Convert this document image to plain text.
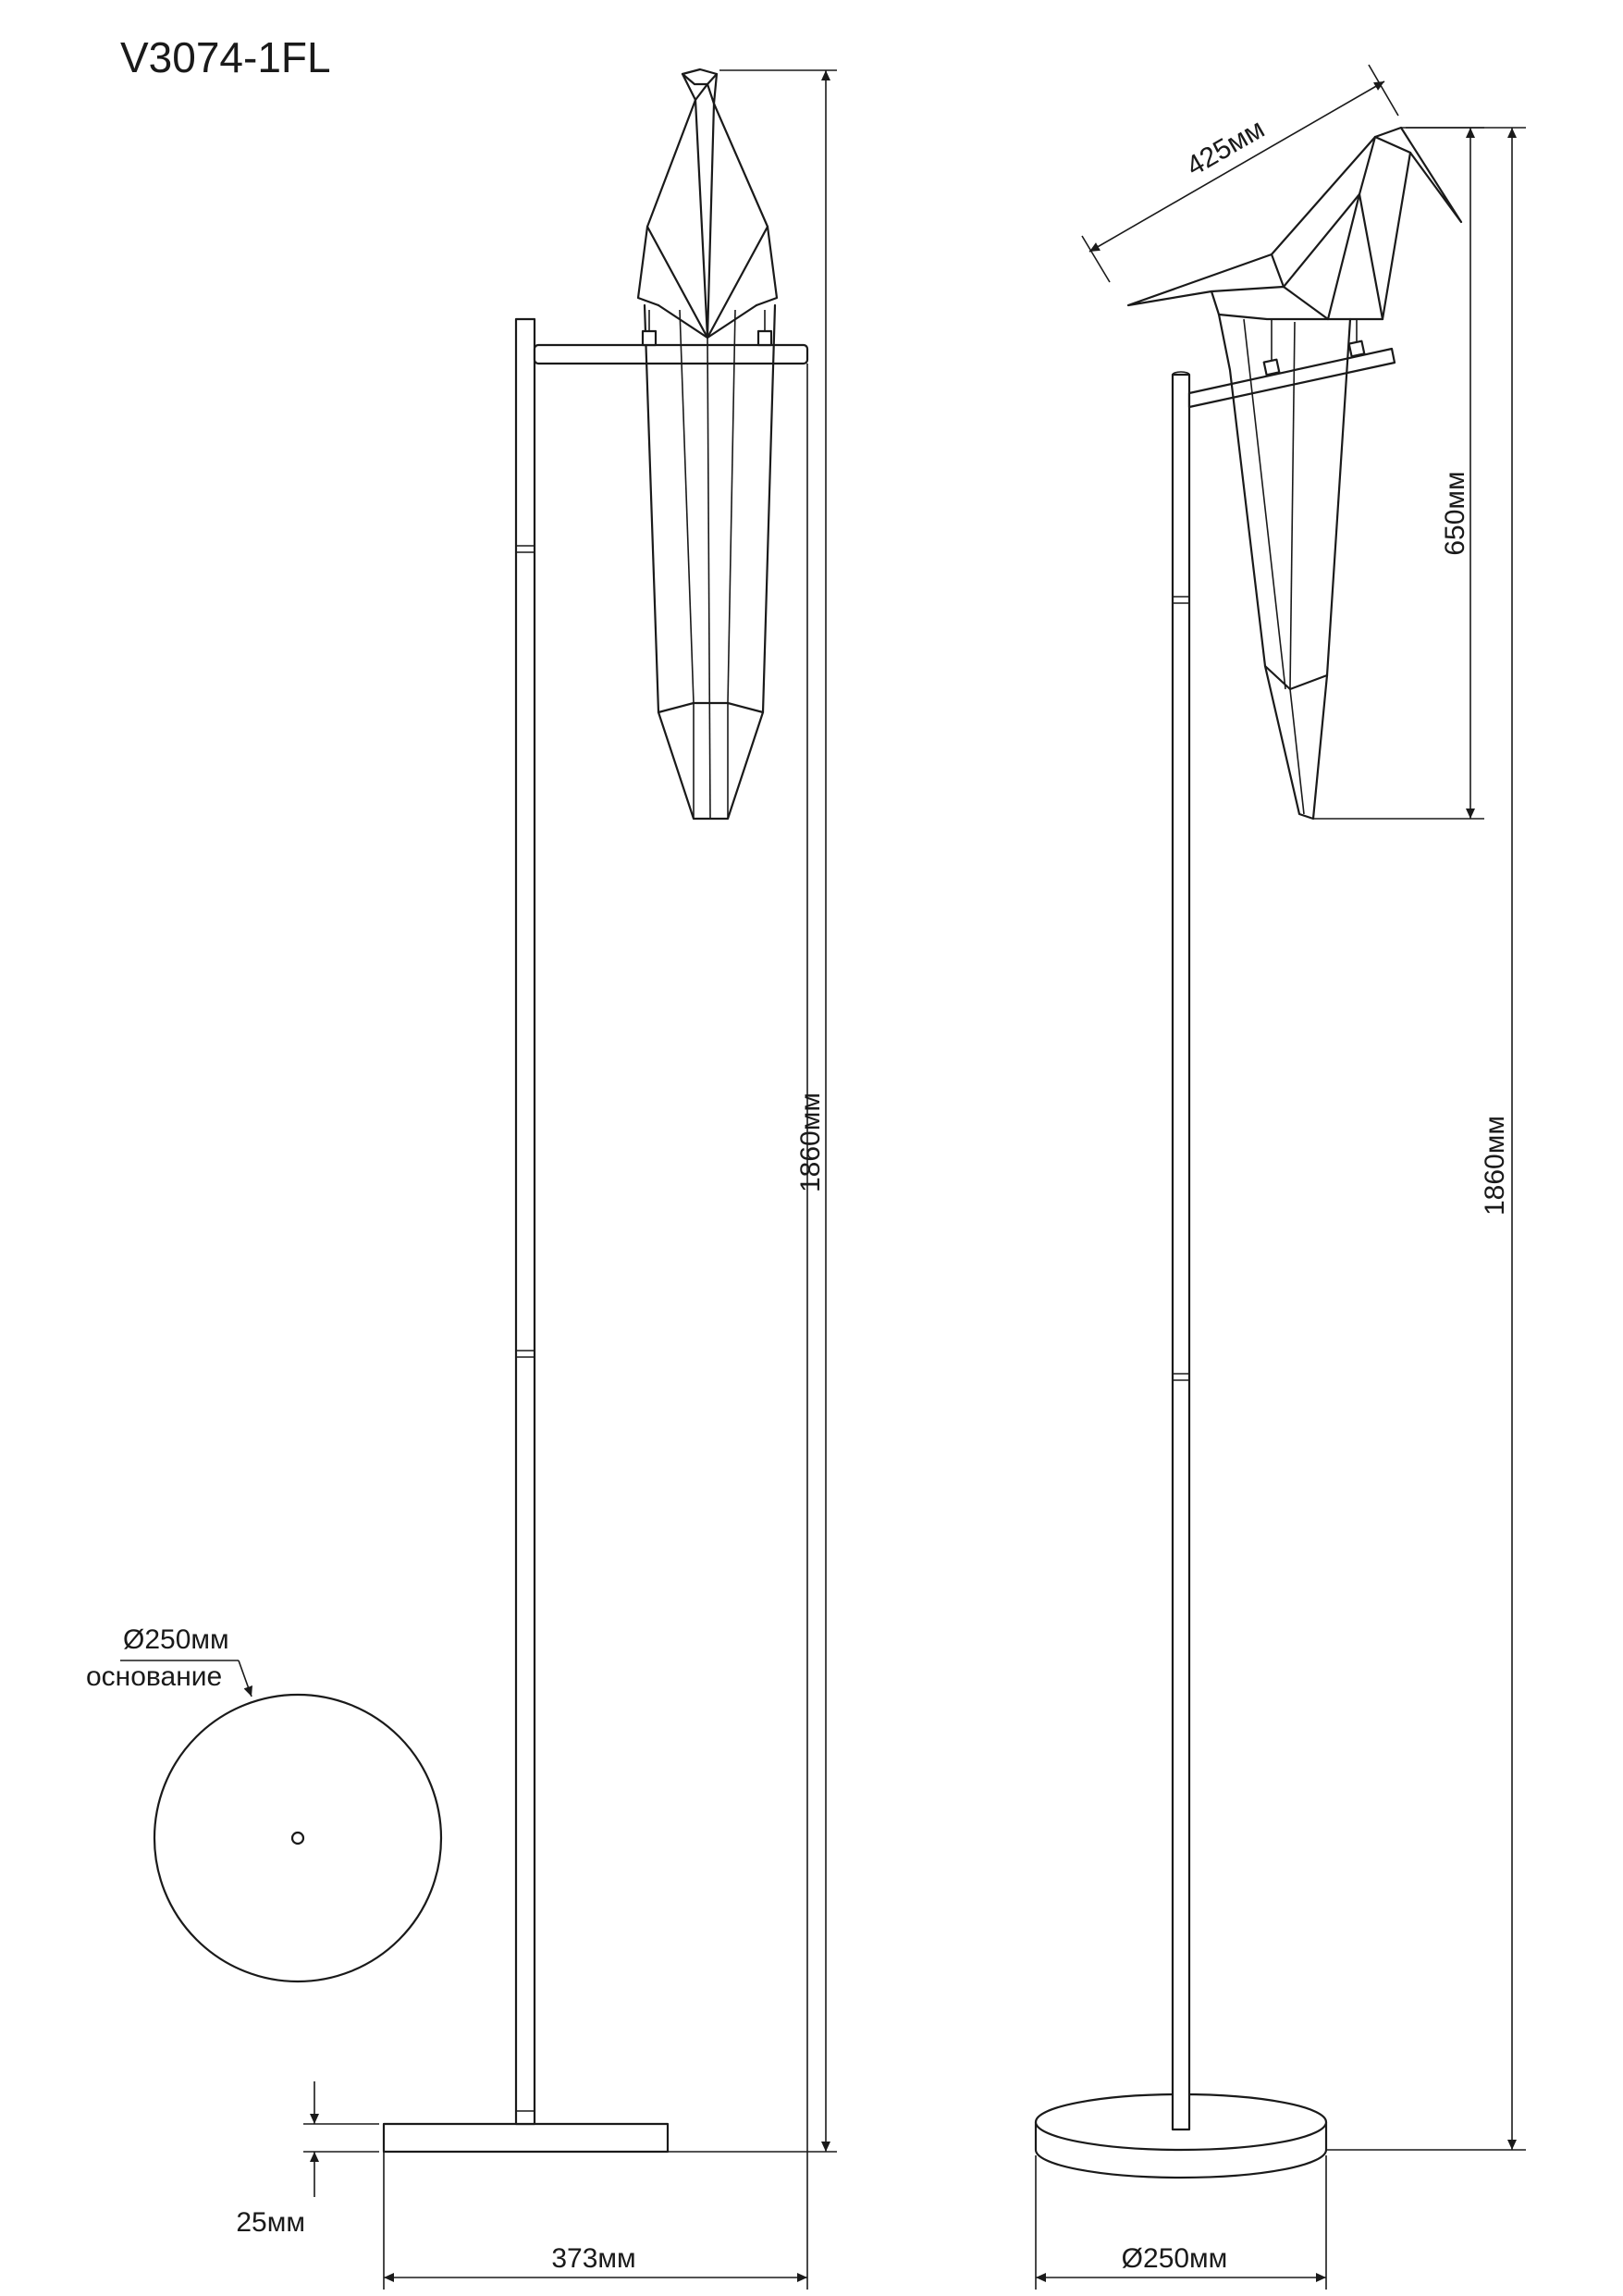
V3074-1FL
1860мм
373мм
25мм
425мм
650мм
1860мм
Ø250мм
Ø250мм
основание
